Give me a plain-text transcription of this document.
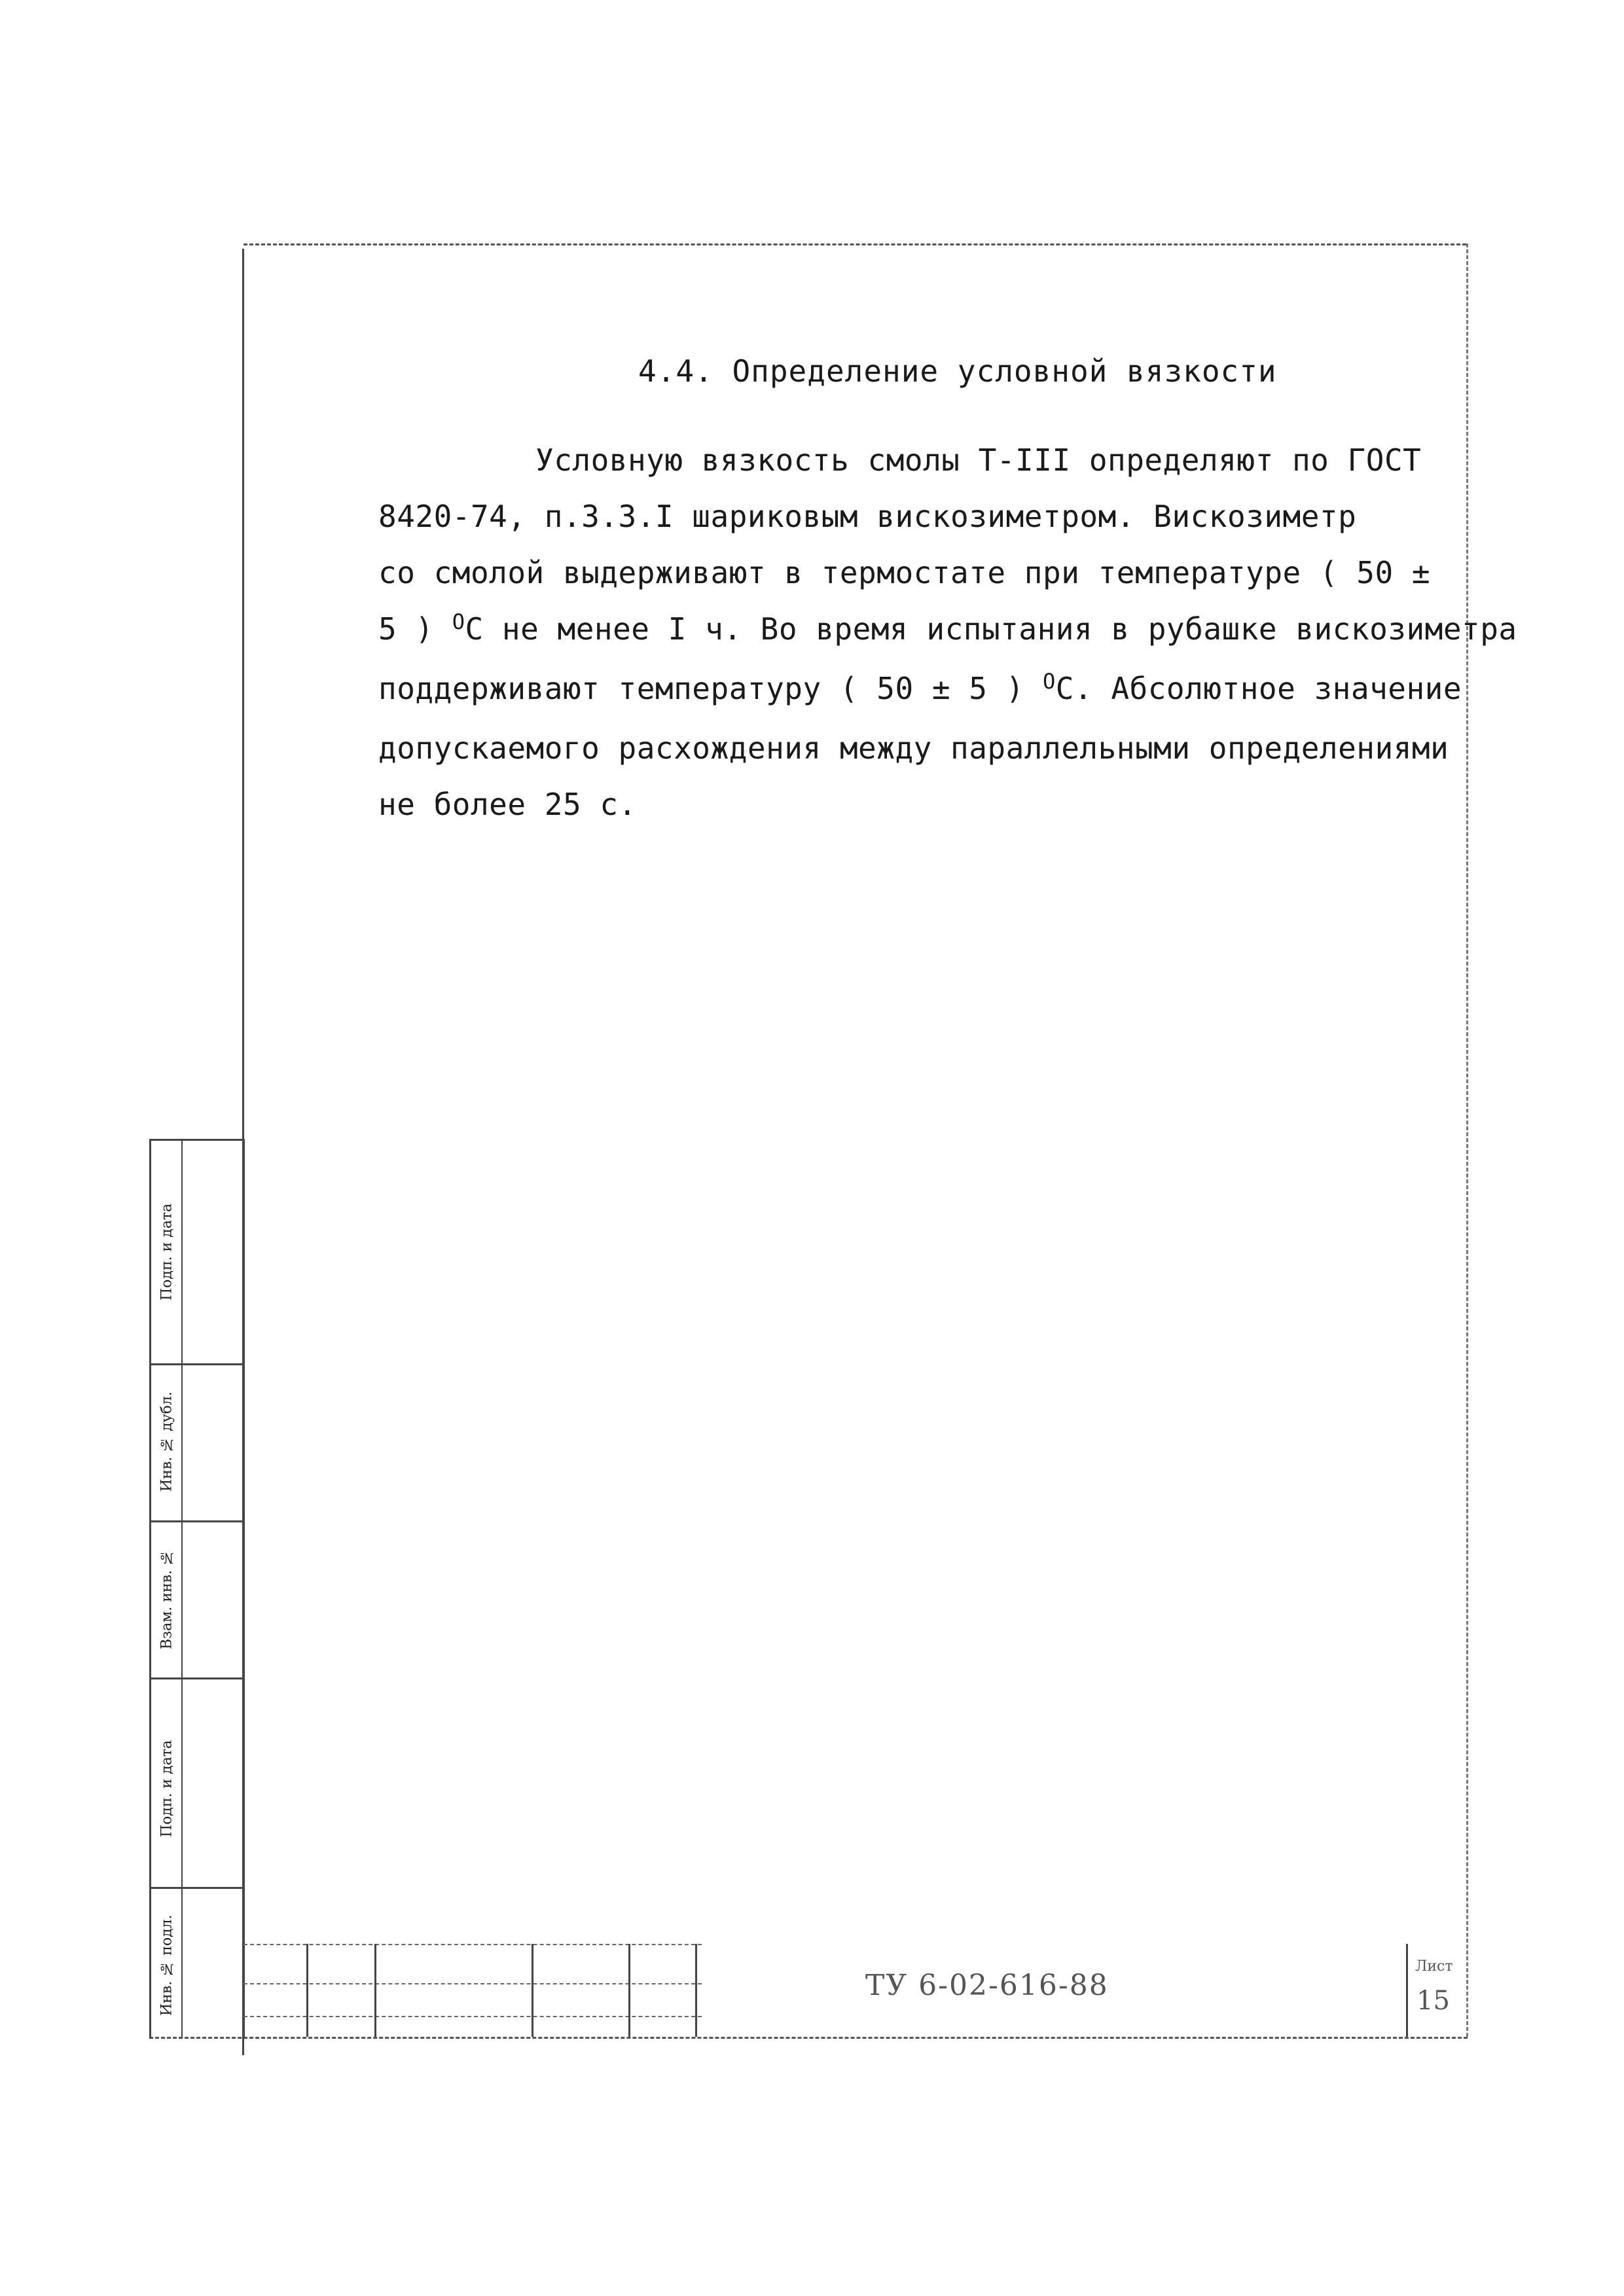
4.4. Определение условной вязкости
Условную вязкость смолы Т-III определяют по ГОСТ
8420-74, п.3.3.I шариковым вискозиметром. Вискозиметр
со смолой выдерживают в термостате при температуре ( 50 ±
5 ) $^О$С не менее I ч. Во время испытания в рубашке вискозиметра
поддерживают температуру ( 50 ± 5 ) $^О$С. Абсолютное значение
допускаемого расхождения между параллельными определениями
не более 25 с.
Подп. и дата
Инв. № дубл.
Взам. инв. №
Подп. и дата
Инв. № подл.	ТУ 6-02-616-88
Лист
15
